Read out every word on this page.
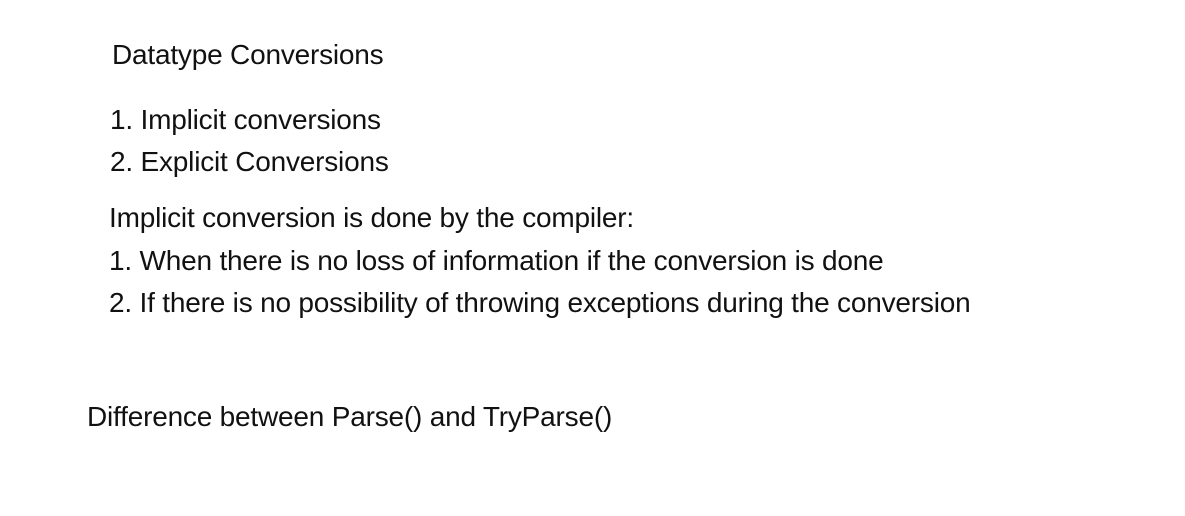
Datatype Conversions

1. Implicit conversions

2. Explicit Conversions

Implicit conversion is done by the compiler:

1. When there is no loss of information if the conversion is done

2. If there is no possibility of throwing exceptions during the conversion

Difference between Parse() and TryParse()
